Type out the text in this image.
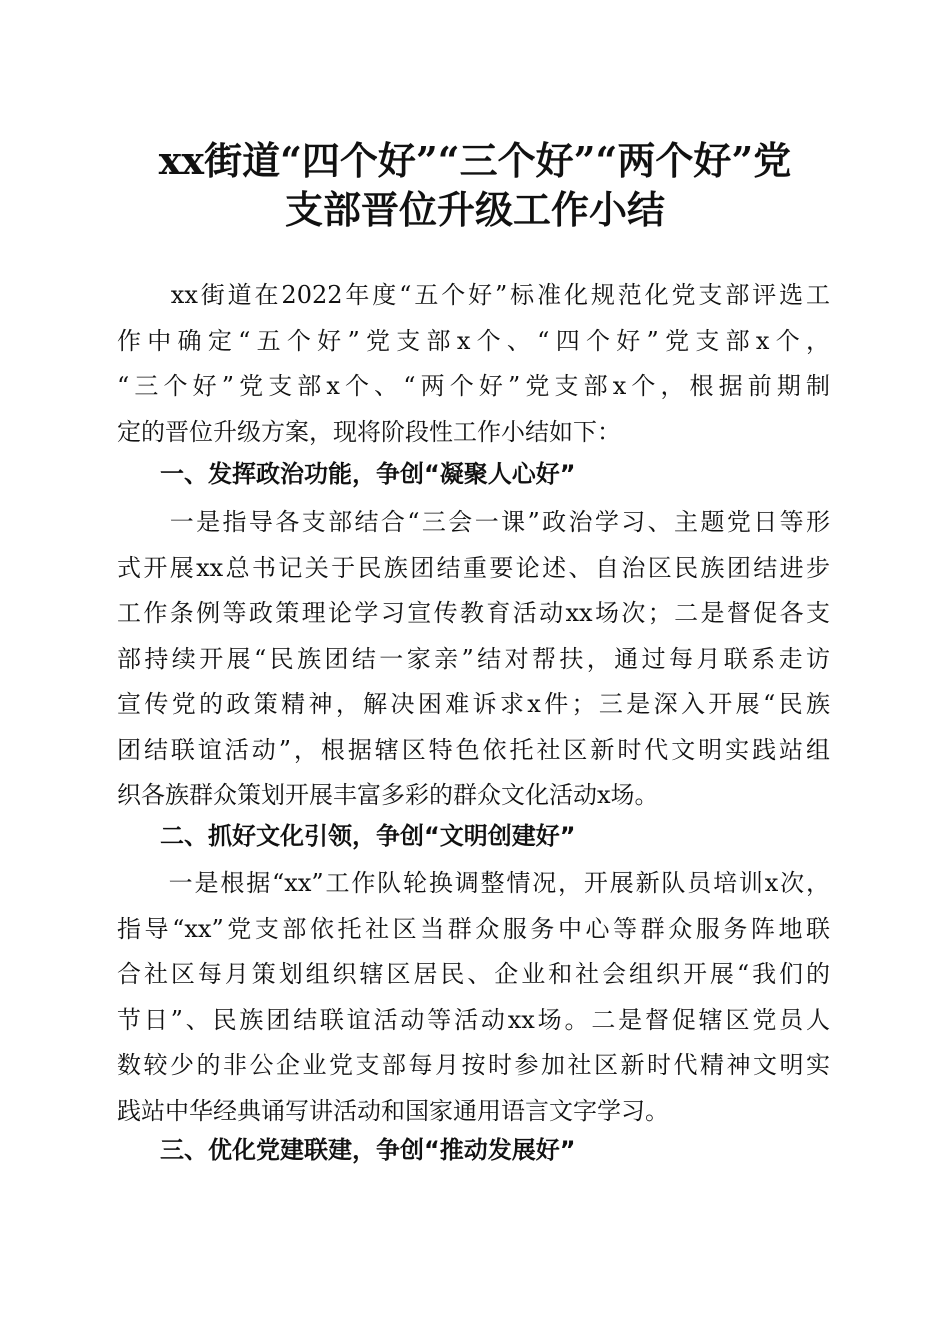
xx街道“四个好”“三个好”“两个好”党
支部晋位升级工作小结
　　xx街道在2022年度“五个好”标准化规范化党支部评选工
作中确定“五个好”党支部x个、“四个好”党支部x个，
“三个好”党支部x个、“两个好”党支部x个，根据前期制
定的晋位升级方案，现将阶段性工作小结如下：
一、发挥政治功能，争创“凝聚人心好”
　　一是指导各支部结合“三会一课”政治学习、主题党日等形
式开展xx总书记关于民族团结重要论述、自治区民族团结进步
工作条例等政策理论学习宣传教育活动xx场次；二是督促各支
部持续开展“民族团结一家亲”结对帮扶，通过每月联系走访
宣传党的政策精神，解决困难诉求x件；三是深入开展“民族
团结联谊活动”，根据辖区特色依托社区新时代文明实践站组
织各族群众策划开展丰富多彩的群众文化活动x场。
二、抓好文化引领，争创“文明创建好”
　　一是根据“xx”工作队轮换调整情况，开展新队员培训x次，
指导“xx”党支部依托社区当群众服务中心等群众服务阵地联
合社区每月策划组织辖区居民、企业和社会组织开展“我们的
节日”、民族团结联谊活动等活动xx场。二是督促辖区党员人
数较少的非公企业党支部每月按时参加社区新时代精神文明实
践站中华经典诵写讲活动和国家通用语言文字学习。
三、优化党建联建，争创“推动发展好”
